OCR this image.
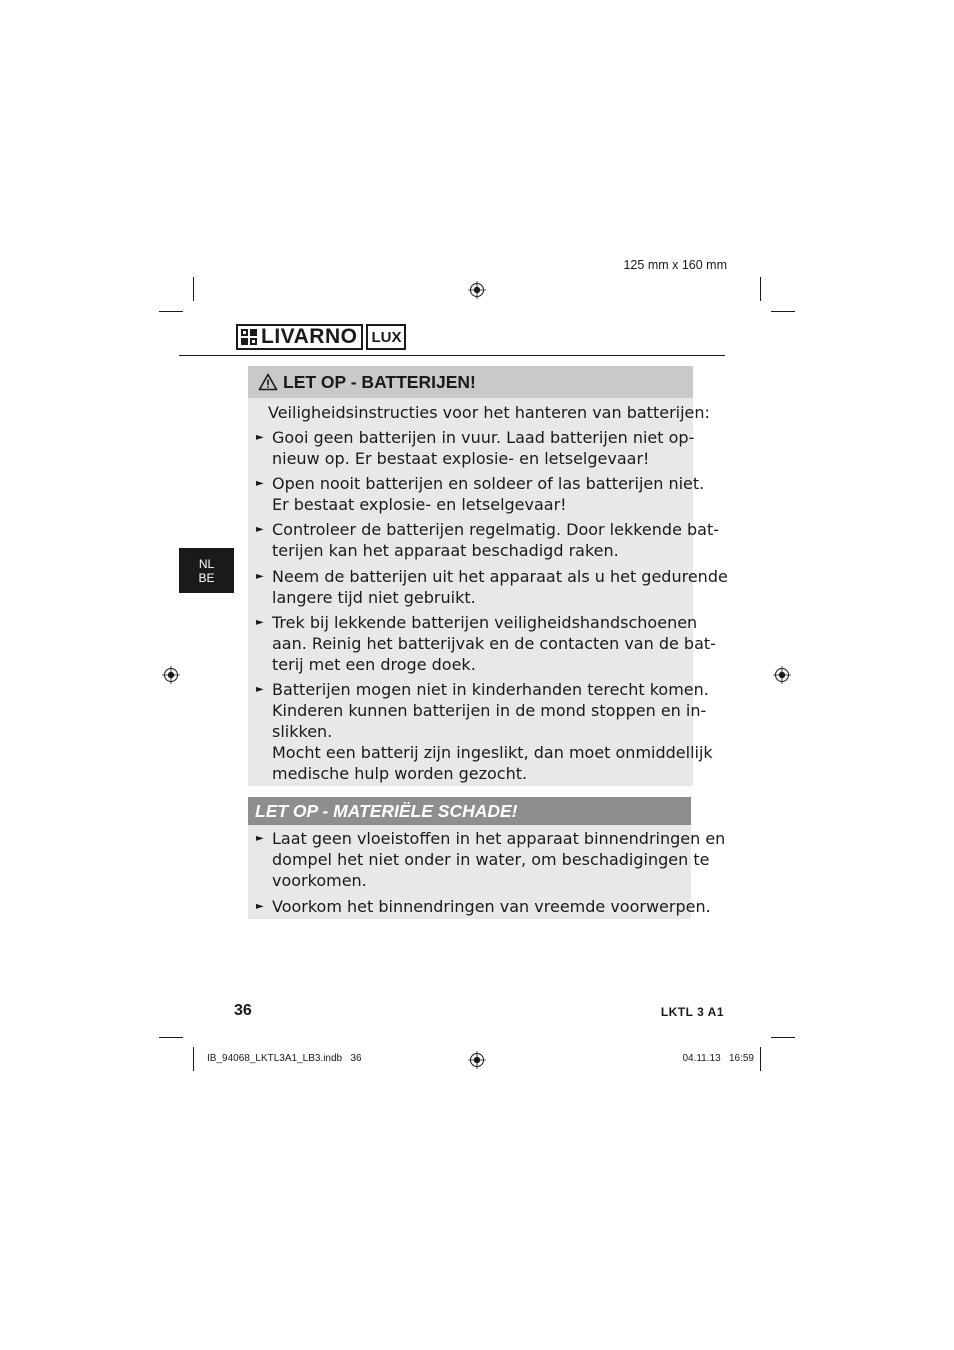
125 mm x 160 mm
LIVARNO LUX
NL
BE
LET OP - BATTERIJEN!
Veiligheidsinstructies voor het hanteren van batterijen:
► Gooi geen batterijen in vuur. Laad batterijen niet op-
nieuw op. Er bestaat explosie- en letselgevaar!
► Open nooit batterijen en soldeer of las batterijen niet.
Er bestaat explosie- en letselgevaar!
► Controleer de batterijen regelmatig. Door lekkende bat-
terijen kan het apparaat beschadigd raken.
► Neem de batterijen uit het apparaat als u het gedurende
langere tijd niet gebruikt.
► Trek bij lekkende batterijen veiligheidshandschoenen
aan. Reinig het batterijvak en de contacten van de bat-
terij met een droge doek.
► Batterijen mogen niet in kinderhanden terecht komen.
Kinderen kunnen batterijen in de mond stoppen en in-
slikken.
Mocht een batterij zijn ingeslikt, dan moet onmiddellijk
medische hulp worden gezocht.
LET OP - MATERIËLE SCHADE!
► Laat geen vloeistoffen in het apparaat binnendringen en
dompel het niet onder in water, om beschadigingen te
voorkomen.
► Voorkom het binnendringen van vreemde voorwerpen.
36	LKTL 3 A1
IB_94068_LKTL3A1_LB3.indb   36	04.11.13   16:59
